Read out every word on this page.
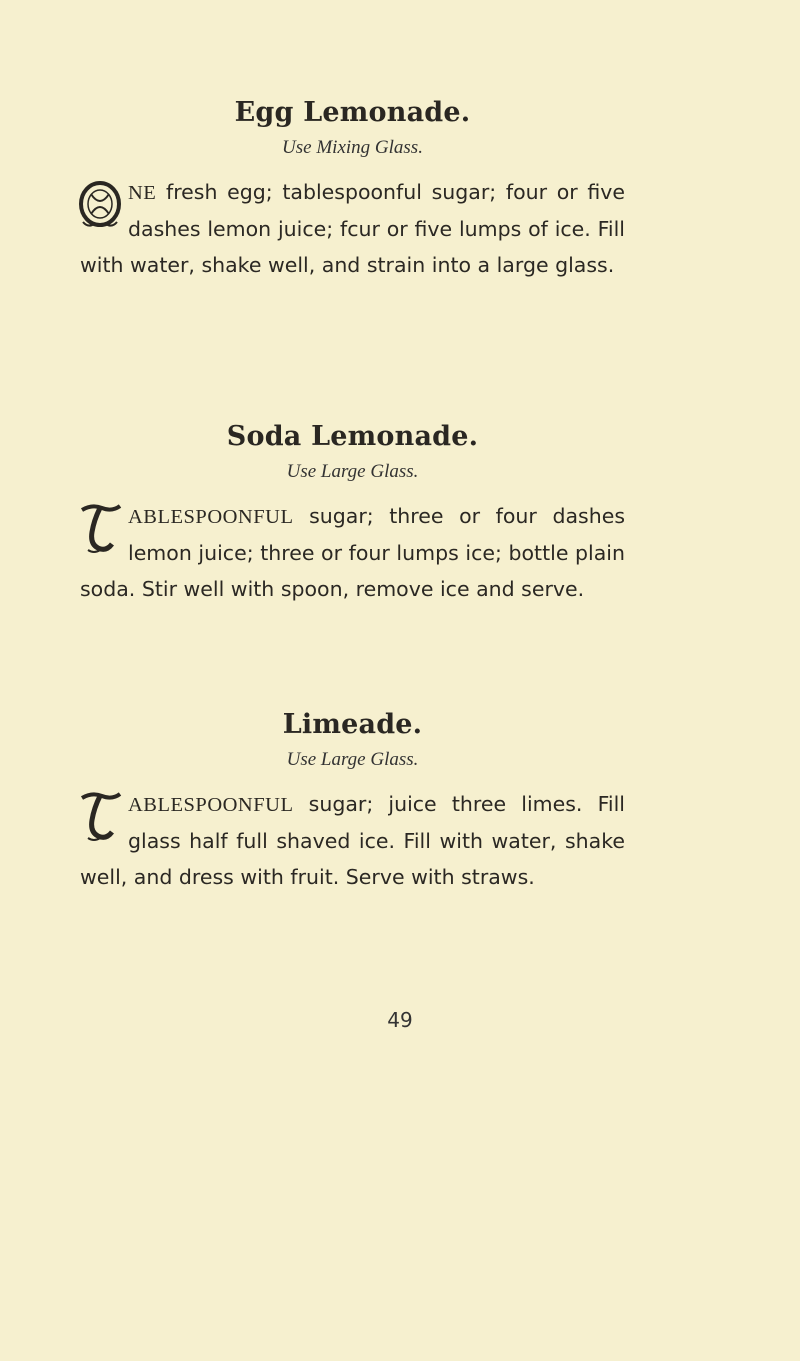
Egg Lemonade.

Use Mixing Glass.

NE fresh egg; tablespoonful sugar; four or five dashes lemon juice; fcur or five lumps of ice. Fill with water, shake well, and strain into a large glass.
Soda Lemonade.

Use Large Glass.

ABLESPOONFUL sugar; three or four dashes lemon juice; three or four lumps ice; bottle plain soda. Stir well with spoon, remove ice and serve.
Limeade.

Use Large Glass.

ABLESPOONFUL sugar; juice three limes. Fill glass half full shaved ice. Fill with water, shake well, and dress with fruit. Serve with straws.
49
